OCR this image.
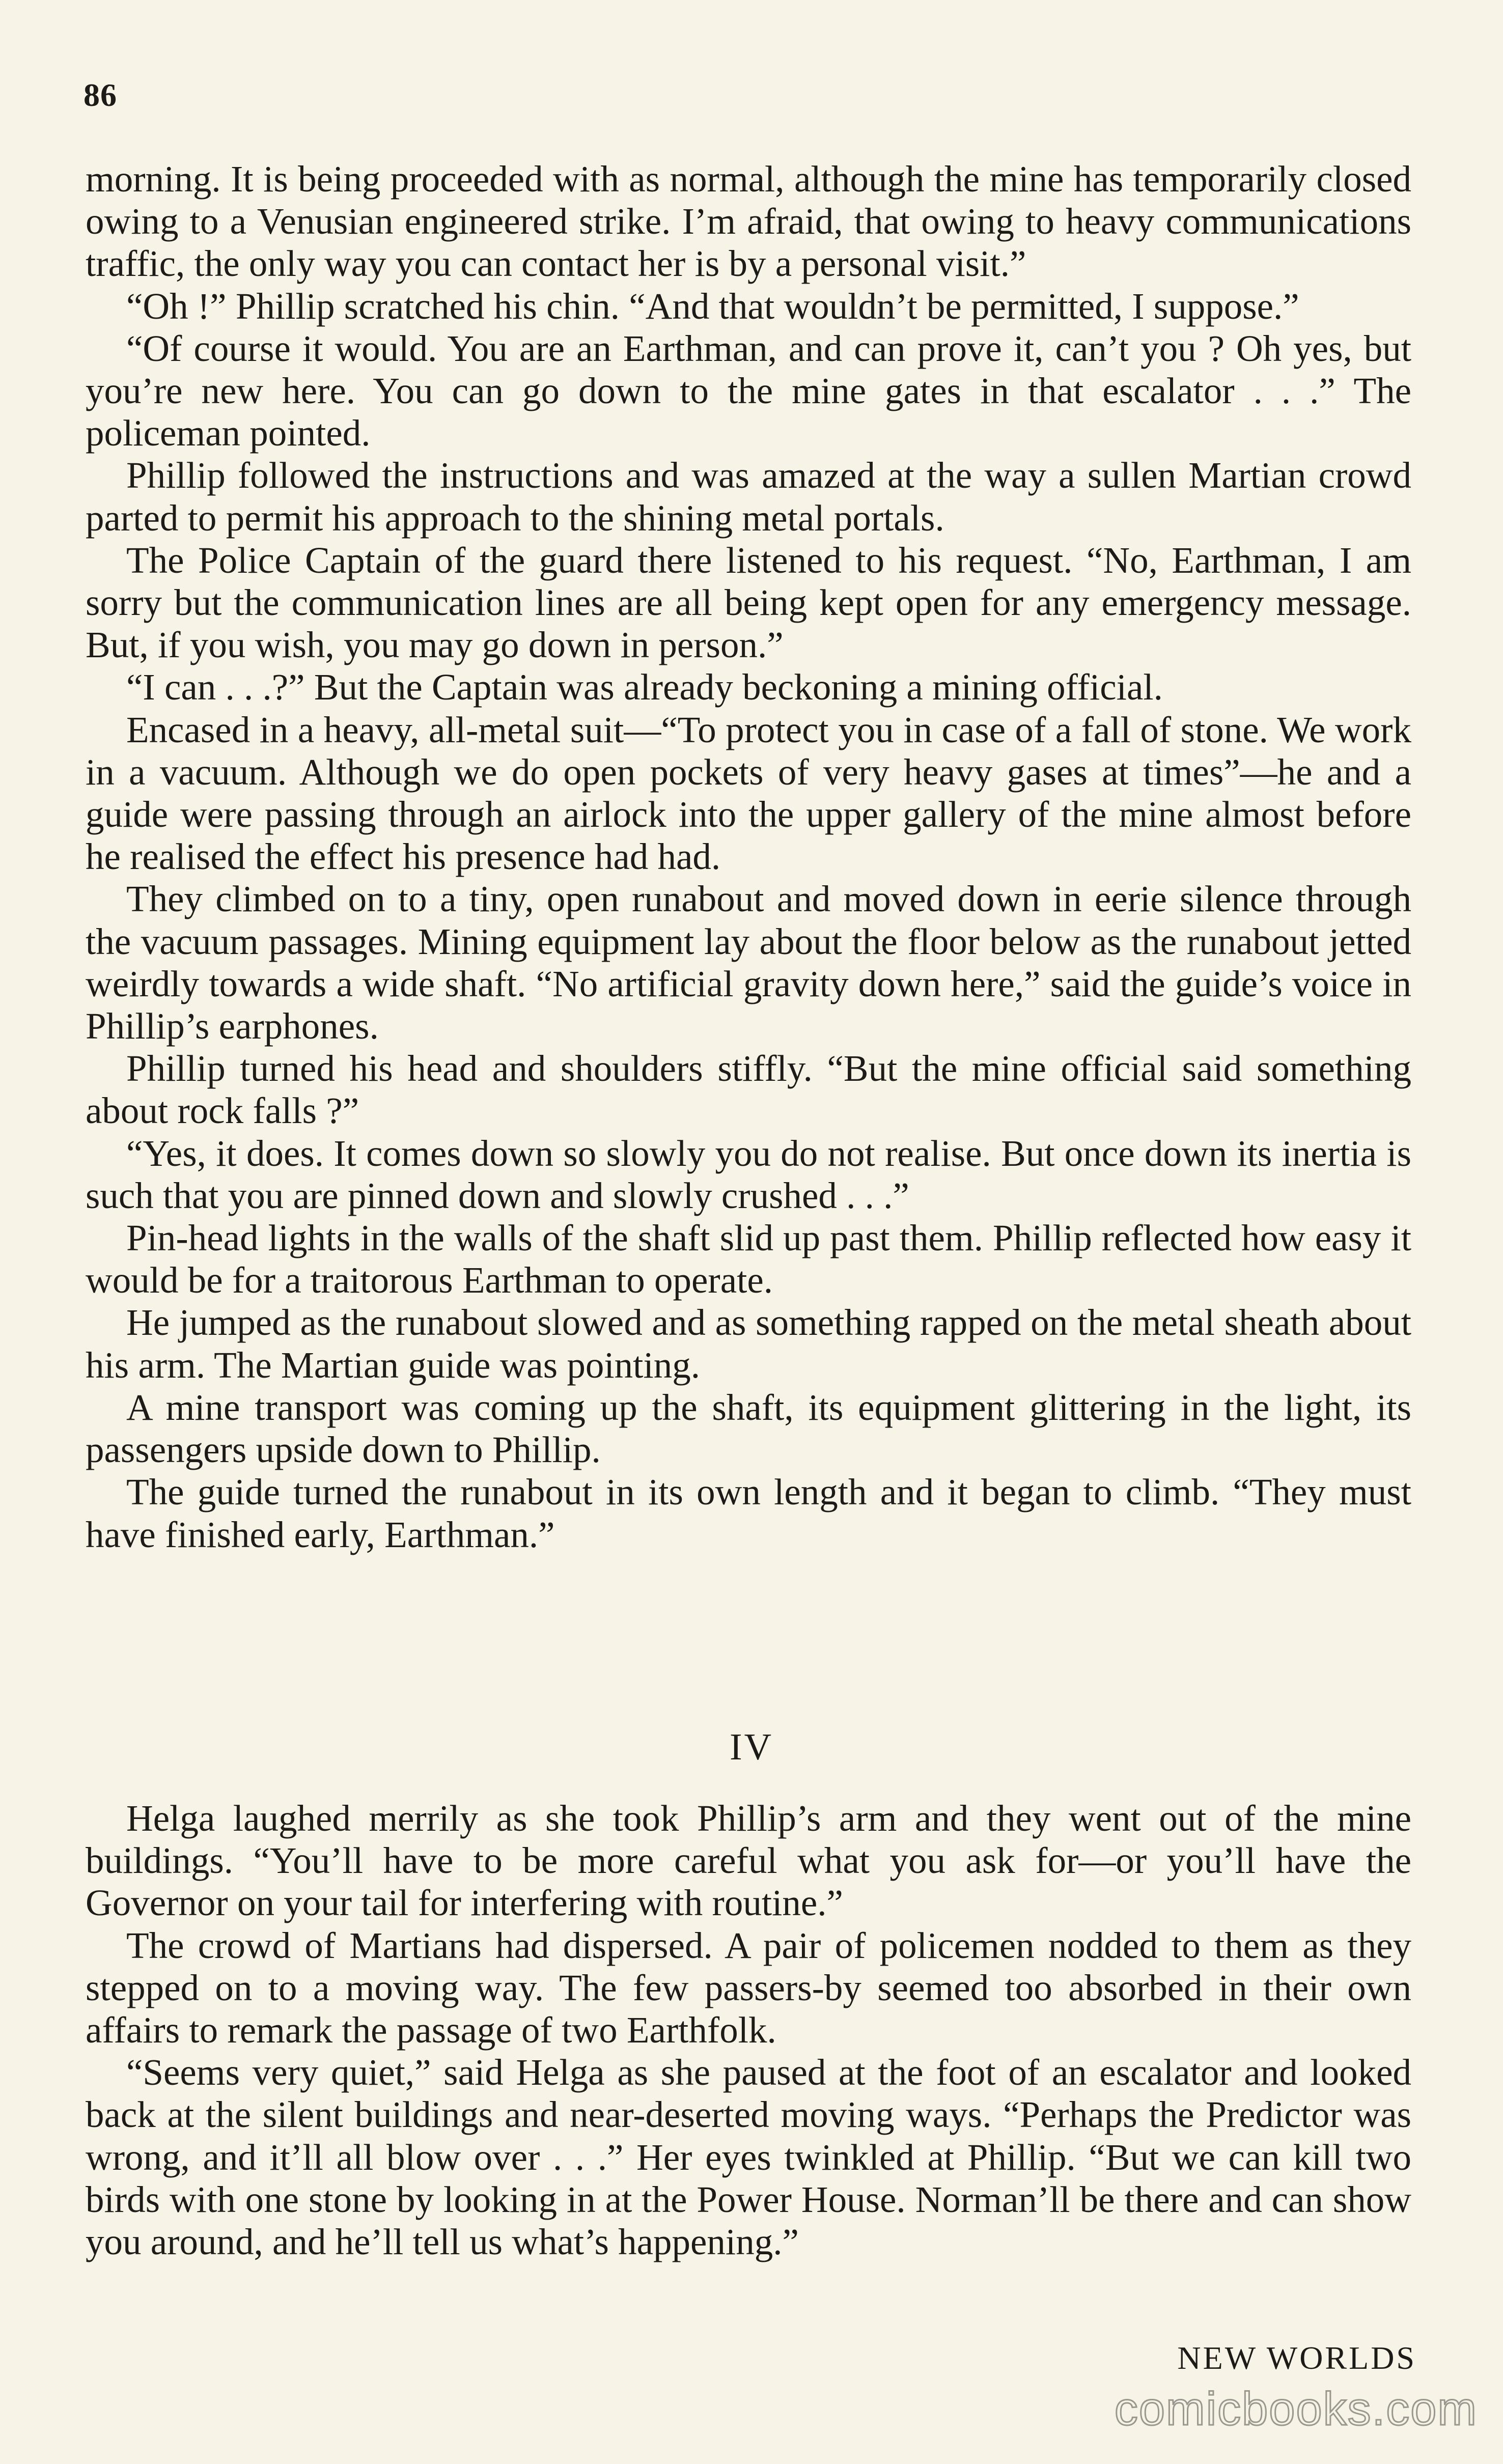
86

morning. It is being proceeded with as normal, although the mine has temporarily closed owing to a Venusian engineered strike. I’m afraid, that owing to heavy communications traffic, the only way you can contact her is by a personal visit.”

“Oh !” Phillip scratched his chin. “And that wouldn’t be permitted, I suppose.”

“Of course it would. You are an Earthman, and can prove it, can’t you ? Oh yes, but you’re new here. You can go down to the mine gates in that escalator . . .” The policeman pointed.

Phillip followed the instructions and was amazed at the way a sullen Martian crowd parted to permit his approach to the shining metal portals.

The Police Captain of the guard there listened to his request. “No, Earthman, I am sorry but the communication lines are all being kept open for any emergency message. But, if you wish, you may go down in person.”

“I can . . .?” But the Captain was already beckoning a mining official.

Encased in a heavy, all-metal suit—“To protect you in case of a fall of stone. We work in a vacuum. Although we do open pockets of very heavy gases at times”—he and a guide were passing through an airlock into the upper gallery of the mine almost before he realised the effect his presence had had.

They climbed on to a tiny, open runabout and moved down in eerie silence through the vacuum passages. Mining equipment lay about the floor below as the runabout jetted weirdly towards a wide shaft. “No artificial gravity down here,” said the guide’s voice in Phillip’s earphones.

Phillip turned his head and shoulders stiffly. “But the mine official said something about rock falls ?”

“Yes, it does. It comes down so slowly you do not realise. But once down its inertia is such that you are pinned down and slowly crushed . . .”

Pin-head lights in the walls of the shaft slid up past them. Phillip reflected how easy it would be for a traitorous Earthman to operate.

He jumped as the runabout slowed and as something rapped on the metal sheath about his arm. The Martian guide was pointing.

A mine transport was coming up the shaft, its equipment glittering in the light, its passengers upside down to Phillip.

The guide turned the runabout in its own length and it began to climb. “They must have finished early, Earthman.”

IV

Helga laughed merrily as she took Phillip’s arm and they went out of the mine buildings. “You’ll have to be more careful what you ask for—or you’ll have the Governor on your tail for interfering with routine.”

The crowd of Martians had dispersed. A pair of policemen nodded to them as they stepped on to a moving way. The few passers-by seemed too absorbed in their own affairs to remark the passage of two Earthfolk.

“Seems very quiet,” said Helga as she paused at the foot of an escalator and looked back at the silent buildings and near-deserted moving ways. “Perhaps the Predictor was wrong, and it’ll all blow over . . .” Her eyes twinkled at Phillip. “But we can kill two birds with one stone by looking in at the Power House. Norman’ll be there and can show you around, and he’ll tell us what’s happening.”

NEW WORLDS
comicbooks.com
